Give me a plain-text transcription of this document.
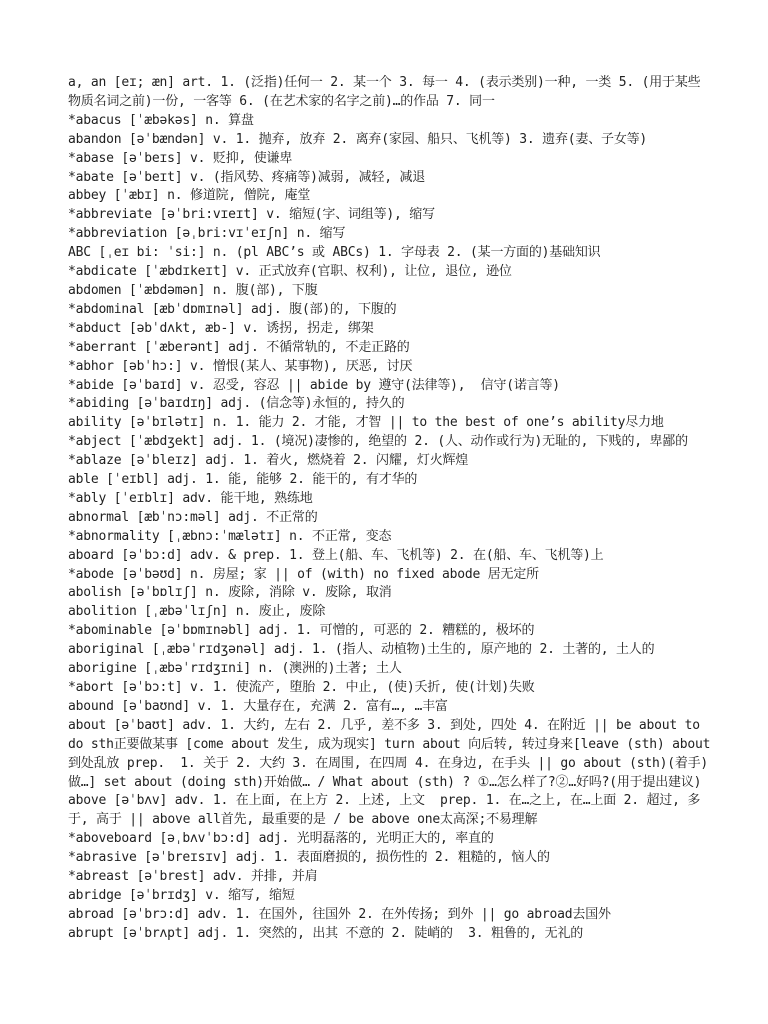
a, an [eɪ; æn] art. 1. (泛指)任何一 2. 某一个 3. 每一 4. (表示类别)一种, 一类 5. (用于某些
物质名词之前)一份, 一客等 6. (在艺术家的名字之前)…的作品 7. 同一
*abacus [ˈæbəkəs] n. 算盘
abandon [əˈbændən] v. 1. 抛弃, 放弃 2. 离弃(家园、船只、飞机等) 3. 遗弃(妻、子女等)
*abase [əˈbeɪs] v. 贬抑, 使谦卑
*abate [əˈbeɪt] v. (指风势、疼痛等)减弱, 减轻, 减退
abbey [ˈæbɪ] n. 修道院, 僧院, 庵堂
*abbreviate [əˈbri:vɪeɪt] v. 缩短(字、词组等), 缩写
*abbreviation [əˌbri:vɪˈeɪʃn] n. 缩写
ABC [ˌeɪ bi: ˈsi:] n. (pl ABC’s 或 ABCs) 1. 字母表 2. (某一方面的)基础知识
*abdicate [ˈæbdɪkeɪt] v. 正式放弃(官职、权利), 让位, 退位, 逊位
abdomen [ˈæbdəmən] n. 腹(部), 下腹
*abdominal [æbˈdɒmɪnəl] adj. 腹(部)的, 下腹的
*abduct [əbˈdʌkt, æb-] v. 诱拐, 拐走, 绑架
*aberrant [ˈæberənt] adj. 不循常轨的, 不走正路的
*abhor [əbˈhɔ:] v. 憎恨(某人、某事物), 厌恶, 讨厌
*abide [əˈbaɪd] v. 忍受, 容忍 || abide by 遵守(法律等),  信守(诺言等)
*abiding [əˈbaɪdɪŋ] adj. (信念等)永恒的, 持久的
ability [əˈbɪlətɪ] n. 1. 能力 2. 才能, 才智 || to the best of one’s ability尽力地
*abject [ˈæbdʒekt] adj. 1. (境况)凄惨的, 绝望的 2. (人、动作或行为)无耻的, 下贱的, 卑鄙的
*ablaze [əˈbleɪz] adj. 1. 着火, 燃烧着 2. 闪耀, 灯火辉煌
able [ˈeɪbl] adj. 1. 能, 能够 2. 能干的, 有才华的
*ably [ˈeɪblɪ] adv. 能干地, 熟练地
abnormal [æbˈnɔ:məl] adj. 不正常的
*abnormality [ˌæbnɔ:ˈmælətɪ] n. 不正常, 变态
aboard [əˈbɔ:d] adv. & prep. 1. 登上(船、车、飞机等) 2. 在(船、车、飞机等)上
*abode [əˈbəʊd] n. 房屋; 家 || of (with) no fixed abode 居无定所
abolish [əˈbɒlɪʃ] n. 废除, 消除 v. 废除, 取消
abolition [ˌæbəˈlɪʃn] n. 废止, 废除
*abominable [əˈbɒmɪnəbl] adj. 1. 可憎的, 可恶的 2. 糟糕的, 极坏的
aboriginal [ˌæbəˈrɪdʒənəl] adj. 1. (指人、动植物)土生的, 原产地的 2. 土著的, 土人的
aborigine [ˌæbəˈrɪdʒɪni] n. (澳洲的)土著; 土人
*abort [əˈbɔ:t] v. 1. 使流产, 堕胎 2. 中止, (使)夭折, 使(计划)失败
abound [əˈbaʊnd] v. 1. 大量存在, 充满 2. 富有…, …丰富
about [əˈbaʊt] adv. 1. 大约, 左右 2. 几乎, 差不多 3. 到处, 四处 4. 在附近 || be about to
do sth正要做某事 [come about 发生, 成为现实] turn about 向后转, 转过身来[leave (sth) about
到处乱放 prep.  1. 关于 2. 大约 3. 在周围, 在四周 4. 在身边, 在手头 || go about (sth)(着手)
做…] set about (doing sth)开始做… / What about (sth) ? ①…怎么样了?②…好吗?(用于提出建议)
above [əˈbʌv] adv. 1. 在上面, 在上方 2. 上述, 上文  prep. 1. 在…之上, 在…上面 2. 超过, 多
于, 高于 || above all首先, 最重要的是 / be above one太高深;不易理解
*aboveboard [əˌbʌvˈbɔ:d] adj. 光明磊落的, 光明正大的, 率直的
*abrasive [əˈbreɪsɪv] adj. 1. 表面磨损的, 损伤性的 2. 粗糙的, 恼人的
*abreast [əˈbrest] adv. 并排, 并肩
abridge [əˈbrɪdʒ] v. 缩写, 缩短
abroad [əˈbrɔ:d] adv. 1. 在国外, 往国外 2. 在外传扬; 到外 || go abroad去国外
abrupt [əˈbrʌpt] adj. 1. 突然的, 出其 不意的 2. 陡峭的  3. 粗鲁的, 无礼的
